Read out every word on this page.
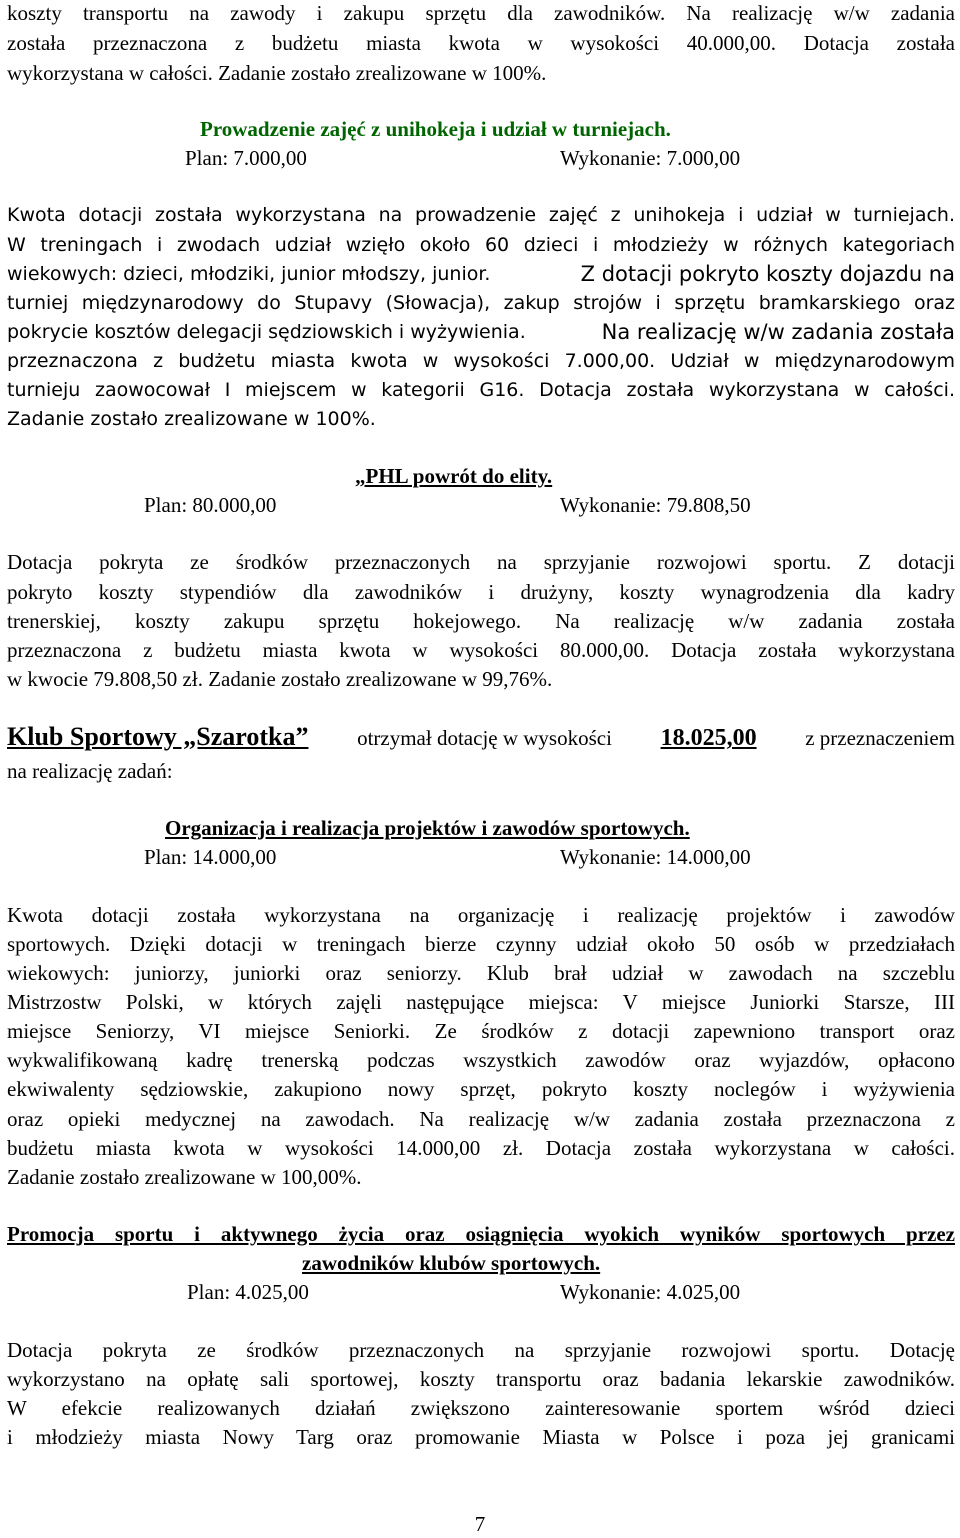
koszty transportu na zawody i zakupu sprzętu dla zawodników. Na realizację w/w zadania
została przeznaczona z budżetu miasta kwota w wysokości 40.000,00. Dotacja została
wykorzystana w całości. Zadanie zostało zrealizowane w 100%.
Prowadzenie zajęć z unihokeja i udział w turniejach.
Plan: 7.000,00	Wykonanie: 7.000,00
Kwota dotacji została wykorzystana na prowadzenie zajęć z unihokeja i udział w turniejach.
W treningach i zwodach udział wzięło około 60 dzieci i młodzieży w różnych kategoriach
wiekowych: dzieci, młodziki, junior młodszy, junior.	Z dotacji pokryto koszty dojazdu na
turniej międzynarodowy do Stupavy (Słowacja), zakup strojów i sprzętu bramkarskiego oraz
pokrycie kosztów delegacji sędziowskich i wyżywienia.	Na realizację w/w zadania została
przeznaczona z budżetu miasta kwota w wysokości 7.000,00. Udział w międzynarodowym
turnieju zaowocował I miejscem w kategorii G16. Dotacja została wykorzystana w całości.
Zadanie zostało zrealizowane w 100%.
„PHL powrót do elity.
Plan: 80.000,00	Wykonanie: 79.808,50
Dotacja pokryta ze środków przeznaczonych na sprzyjanie rozwojowi sportu. Z dotacji
pokryto koszty stypendiów dla zawodników i drużyny, koszty wynagrodzenia dla kadry
trenerskiej, koszty zakupu sprzętu hokejowego. Na realizację w/w zadania została
przeznaczona z budżetu miasta kwota w wysokości 80.000,00. Dotacja została wykorzystana
w kwocie 79.808,50 zł. Zadanie zostało zrealizowane w 99,76%.
Klub Sportowy „Szarotka” otrzymał dotację w wysokości 18.025,00 z przeznaczeniem
na realizację zadań:
Organizacja i realizacja projektów i zawodów sportowych.
Plan: 14.000,00	Wykonanie: 14.000,00
Kwota dotacji została wykorzystana na organizację i realizację projektów i zawodów
sportowych. Dzięki dotacji w treningach bierze czynny udział około 50 osób w przedziałach
wiekowych: juniorzy, juniorki oraz seniorzy. Klub brał udział w zawodach na szczeblu
Mistrzostw Polski, w których zajęli następujące miejsca: V miejsce Juniorki Starsze, III
miejsce Seniorzy, VI miejsce Seniorki. Ze środków z dotacji zapewniono transport oraz
wykwalifikowaną kadrę trenerską podczas wszystkich zawodów oraz wyjazdów, opłacono
ekwiwalenty sędziowskie, zakupiono nowy sprzęt, pokryto koszty noclegów i wyżywienia
oraz opieki medycznej na zawodach. Na realizację w/w zadania została przeznaczona z
budżetu miasta kwota w wysokości 14.000,00 zł. Dotacja została wykorzystana w całości.
Zadanie zostało zrealizowane w 100,00%.
Promocja sportu i aktywnego życia oraz osiągnięcia wyokich wyników sportowych przez
zawodników klubów sportowych.
Plan: 4.025,00	Wykonanie: 4.025,00
Dotacja pokryta ze środków przeznaczonych na sprzyjanie rozwojowi sportu. Dotację
wykorzystano na opłatę sali sportowej, koszty transportu oraz badania lekarskie zawodników.
W efekcie realizowanych działań zwiększono zainteresowanie sportem wśród dzieci
i młodzieży miasta Nowy Targ oraz promowanie Miasta w Polsce i poza jej granicami
7
